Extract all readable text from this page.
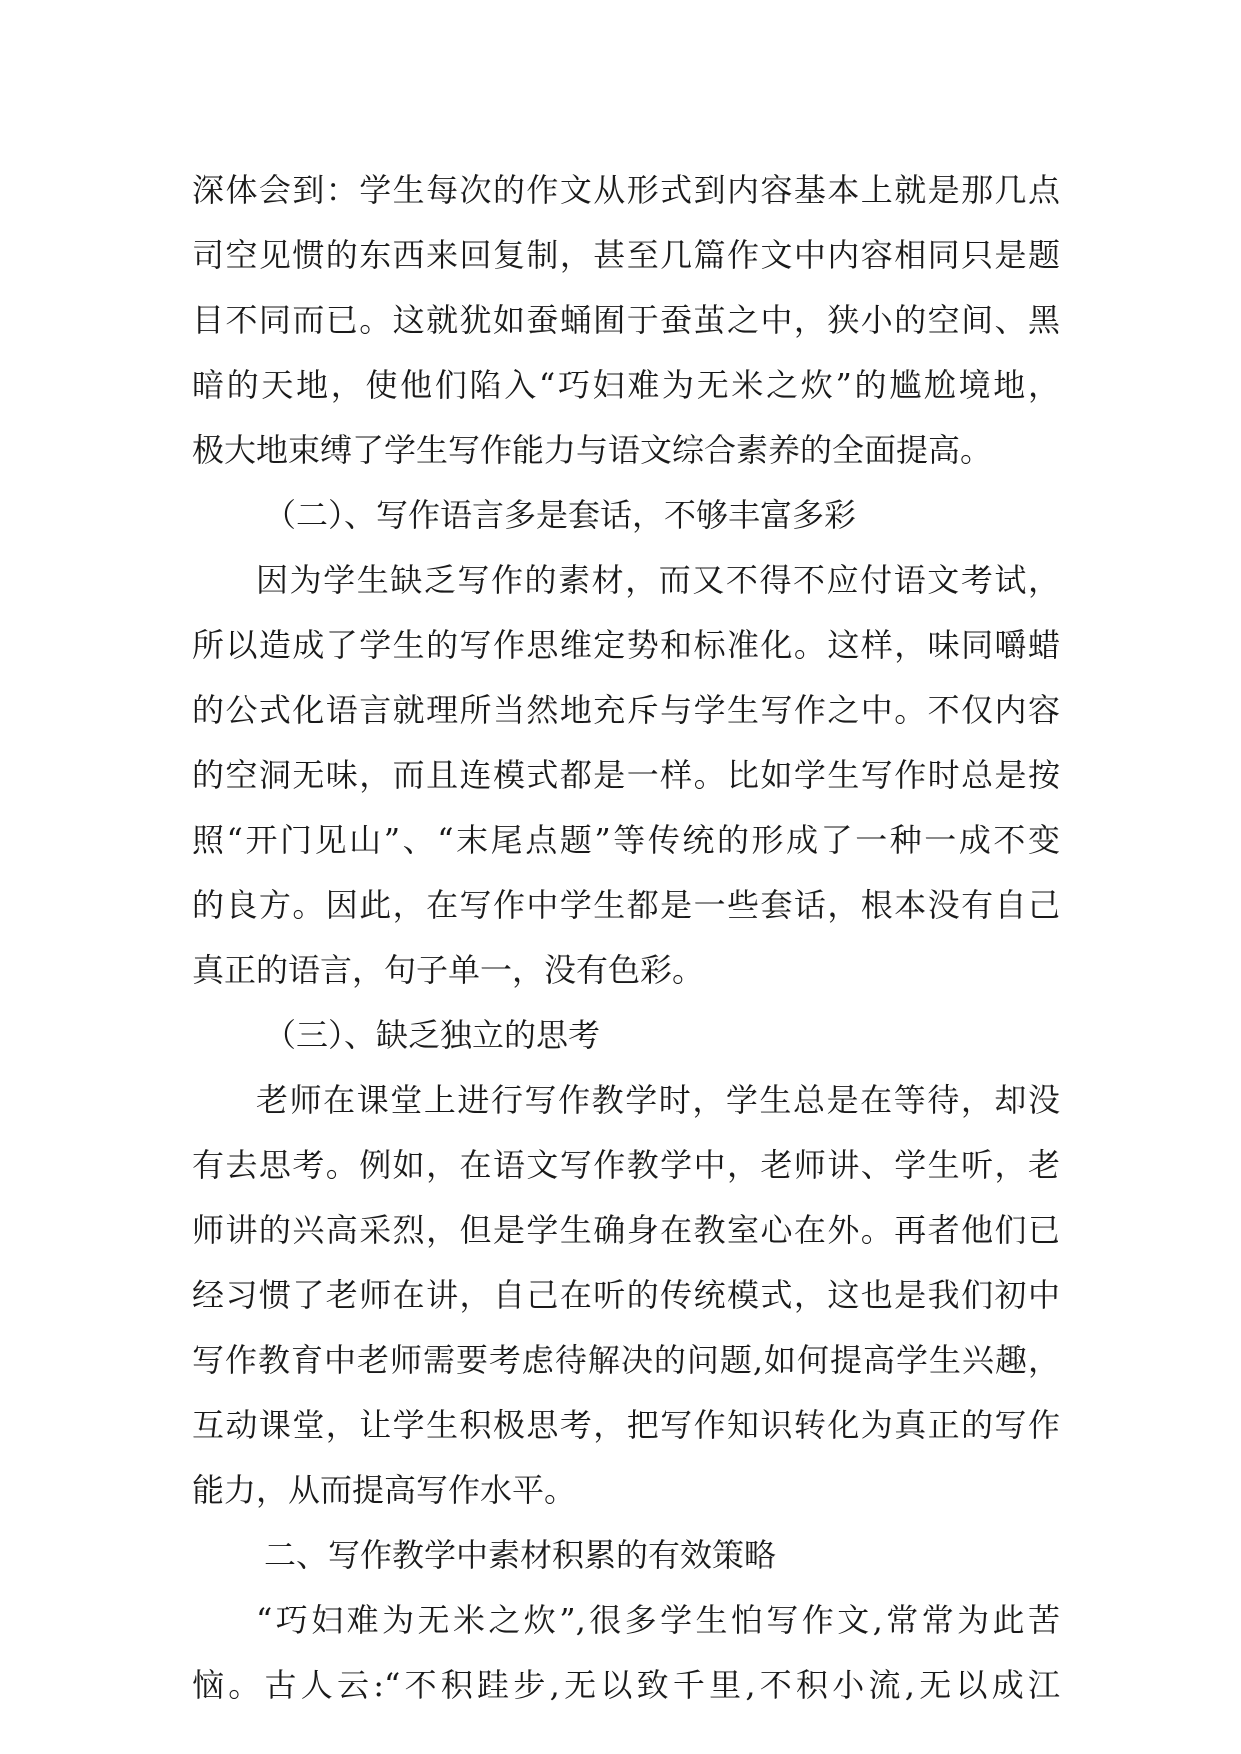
深体会到：学生每次的作文从形式到内容基本上就是那几点
司空见惯的东西来回复制，甚至几篇作文中内容相同只是题
目不同而已。这就犹如蚕蛹囿于蚕茧之中，狭小的空间、黑
暗的天地，使他们陷入“巧妇难为无米之炊”的尴尬境地，
极大地束缚了学生写作能力与语文综合素养的全面提高。
（二）、写作语言多是套话，不够丰富多彩
因为学生缺乏写作的素材，而又不得不应付语文考试，
所以造成了学生的写作思维定势和标准化。这样，味同嚼蜡
的公式化语言就理所当然地充斥与学生写作之中。不仅内容
的空洞无味，而且连模式都是一样。比如学生写作时总是按
照“开门见山”、“末尾点题”等传统的形成了一种一成不变
的良方。因此，在写作中学生都是一些套话，根本没有自己
真正的语言，句子单一，没有色彩。
（三）、缺乏独立的思考
老师在课堂上进行写作教学时，学生总是在等待，却没
有去思考。例如，在语文写作教学中，老师讲、学生听，老
师讲的兴高采烈，但是学生确身在教室心在外。再者他们已
经习惯了老师在讲，自己在听的传统模式，这也是我们初中
写作教育中老师需要考虑待解决的问题,如何提高学生兴趣，
互动课堂，让学生积极思考，把写作知识转化为真正的写作
能力，从而提高写作水平。
二、写作教学中素材积累的有效策略
“巧妇难为无米之炊”,很多学生怕写作文,常常为此苦
恼。古人云:“不积跬步,无以致千里,不积小流,无以成江
